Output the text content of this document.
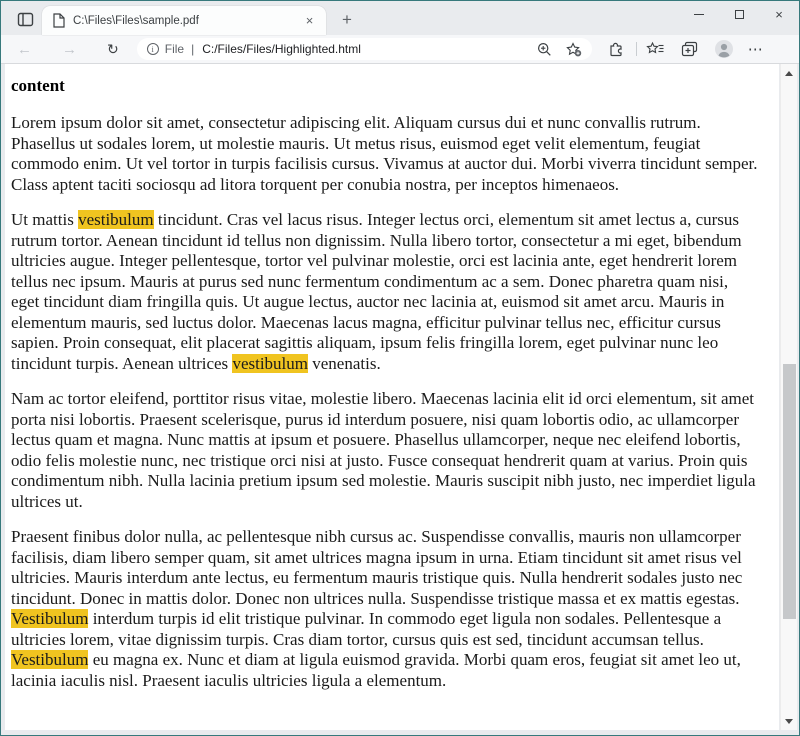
C:\Files\Files\sample.pdf	×	+	×
← → ↻	i File | C:/Files/Files/Highlighted.html	⋯
content

Lorem ipsum dolor sit amet, consectetur adipiscing elit. Aliquam cursus dui et nunc convallis rutrum. Phasellus ut sodales lorem, ut molestie mauris. Ut metus risus, euismod eget velit elementum, feugiat commodo enim. Ut vel tortor in turpis facilisis cursus. Vivamus at auctor dui. Morbi viverra tincidunt semper. Class aptent taciti sociosqu ad litora torquent per conubia nostra, per inceptos himenaeos.

Ut mattis vestibulum tincidunt. Cras vel lacus risus. Integer lectus orci, elementum sit amet lectus a, cursus rutrum tortor. Aenean tincidunt id tellus non dignissim. Nulla libero tortor, consectetur a mi eget, bibendum ultricies augue. Integer pellentesque, tortor vel pulvinar molestie, orci est lacinia ante, eget hendrerit lorem tellus nec ipsum. Mauris at purus sed nunc fermentum condimentum ac a sem. Donec pharetra quam nisi, eget tincidunt diam fringilla quis. Ut augue lectus, auctor nec lacinia at, euismod sit amet arcu. Mauris in elementum mauris, sed luctus dolor. Maecenas lacus magna, efficitur pulvinar tellus nec, efficitur cursus sapien. Proin consequat, elit placerat sagittis aliquam, ipsum felis fringilla lorem, eget pulvinar nunc leo tincidunt turpis. Aenean ultrices vestibulum venenatis.

Nam ac tortor eleifend, porttitor risus vitae, molestie libero. Maecenas lacinia elit id orci elementum, sit amet porta nisi lobortis. Praesent scelerisque, purus id interdum posuere, nisi quam lobortis odio, ac ullamcorper lectus quam et magna. Nunc mattis at ipsum et posuere. Phasellus ullamcorper, neque nec eleifend lobortis, odio felis molestie nunc, nec tristique orci nisi at justo. Fusce consequat hendrerit quam at varius. Proin quis condimentum nibh. Nulla lacinia pretium ipsum sed molestie. Mauris suscipit nibh justo, nec imperdiet ligula ultrices ut.

Praesent finibus dolor nulla, ac pellentesque nibh cursus ac. Suspendisse convallis, mauris non ullamcorper facilisis, diam libero semper quam, sit amet ultrices magna ipsum in urna. Etiam tincidunt sit amet risus vel ultricies. Mauris interdum ante lectus, eu fermentum mauris tristique quis. Nulla hendrerit sodales justo nec tincidunt. Donec in mattis dolor. Donec non ultrices nulla. Suspendisse tristique massa et ex mattis egestas. Vestibulum interdum turpis id elit tristique pulvinar. In commodo eget ligula non sodales. Pellentesque a ultricies lorem, vitae dignissim turpis. Cras diam tortor, cursus quis est sed, tincidunt accumsan tellus. Vestibulum eu magna ex. Nunc et diam at ligula euismod gravida. Morbi quam eros, feugiat sit amet leo ut, lacinia iaculis nisl. Praesent iaculis ultricies ligula a elementum.
